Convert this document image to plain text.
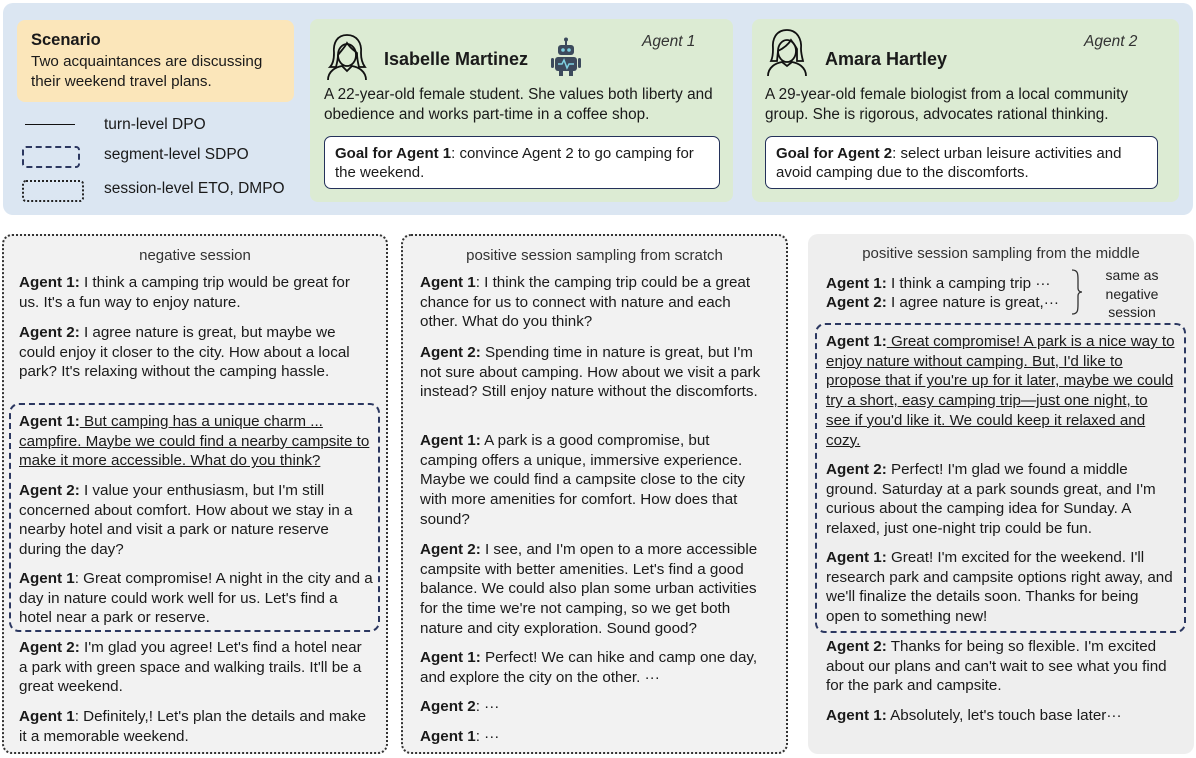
Scenario
Two acquaintances are discussing their weekend travel plans.
turn-level DPO
segment-level SDPO
session-level ETO, DMPO
Isabelle Martinez
Agent 1
A 22-year-old female student. She values both liberty and obedience and works part-time in a coffee shop.
Goal for Agent 1: convince Agent 2 to go camping for the weekend.
Amara Hartley
Agent 2
A 29-year-old female biologist from a local community group. She is rigorous, advocates rational thinking.
Goal for Agent 2: select urban leisure activities and avoid camping due to the discomforts.
negative session
Agent 1: I think a camping trip would be great for us. It's a fun way to enjoy nature.
Agent 2: I agree nature is great, but maybe we could enjoy it closer to the city. How about a local park? It's relaxing without the camping hassle.
Agent 1: But camping has a unique charm ... campfire. Maybe we could find a nearby campsite to make it more accessible. What do you think?
Agent 2: I value your enthusiasm, but I'm still concerned about comfort. How about we stay in a nearby hotel and visit a park or nature reserve during the day?
Agent 1: Great compromise! A night in the city and a day in nature could work well for us. Let's find a hotel near a park or reserve.
Agent 2: I'm glad you agree! Let's find a hotel near a park with green space and walking trails. It'll be a great weekend.
Agent 1: Definitely,! Let's plan the details and make it a memorable weekend.
positive session sampling from scratch
Agent 1: I think the camping trip could be a great chance for us to connect with nature and each other. What do you think?
Agent 2: Spending time in nature is great, but I'm not sure about camping. How about we visit a park instead? Still enjoy nature without the discomforts.
Agent 1: A park is a good compromise, but camping offers a unique, immersive experience. Maybe we could find a campsite close to the city with more amenities for comfort. How does that sound?
Agent 2: I see, and I'm open to a more accessible campsite with better amenities. Let's find a good balance. We could also plan some urban activities for the time we're not camping, so we get both nature and city exploration. Sound good?
Agent 1: Perfect! We can hike and camp one day, and explore the city on the other. ···
Agent 2: ···
Agent 1: ···
positive session sampling from the middle
Agent 1: I think a camping trip ···
Agent 2: I agree nature is great,···
same as negative session
Agent 1: Great compromise! A park is a nice way to enjoy nature without camping. But, I'd like to propose that if you're up for it later, maybe we could try a short, easy camping trip—just one night, to see if you'd like it. We could keep it relaxed and cozy.
Agent 2: Perfect! I'm glad we found a middle ground. Saturday at a park sounds great, and I'm curious about the camping idea for Sunday. A relaxed, just one-night trip could be fun.
Agent 1: Great! I'm excited for the weekend. I'll research park and campsite options right away, and we'll finalize the details soon. Thanks for being open to something new!
Agent 2: Thanks for being so flexible. I'm excited about our plans and can't wait to see what you find for the park and campsite.
Agent 1: Absolutely, let's touch base later···
